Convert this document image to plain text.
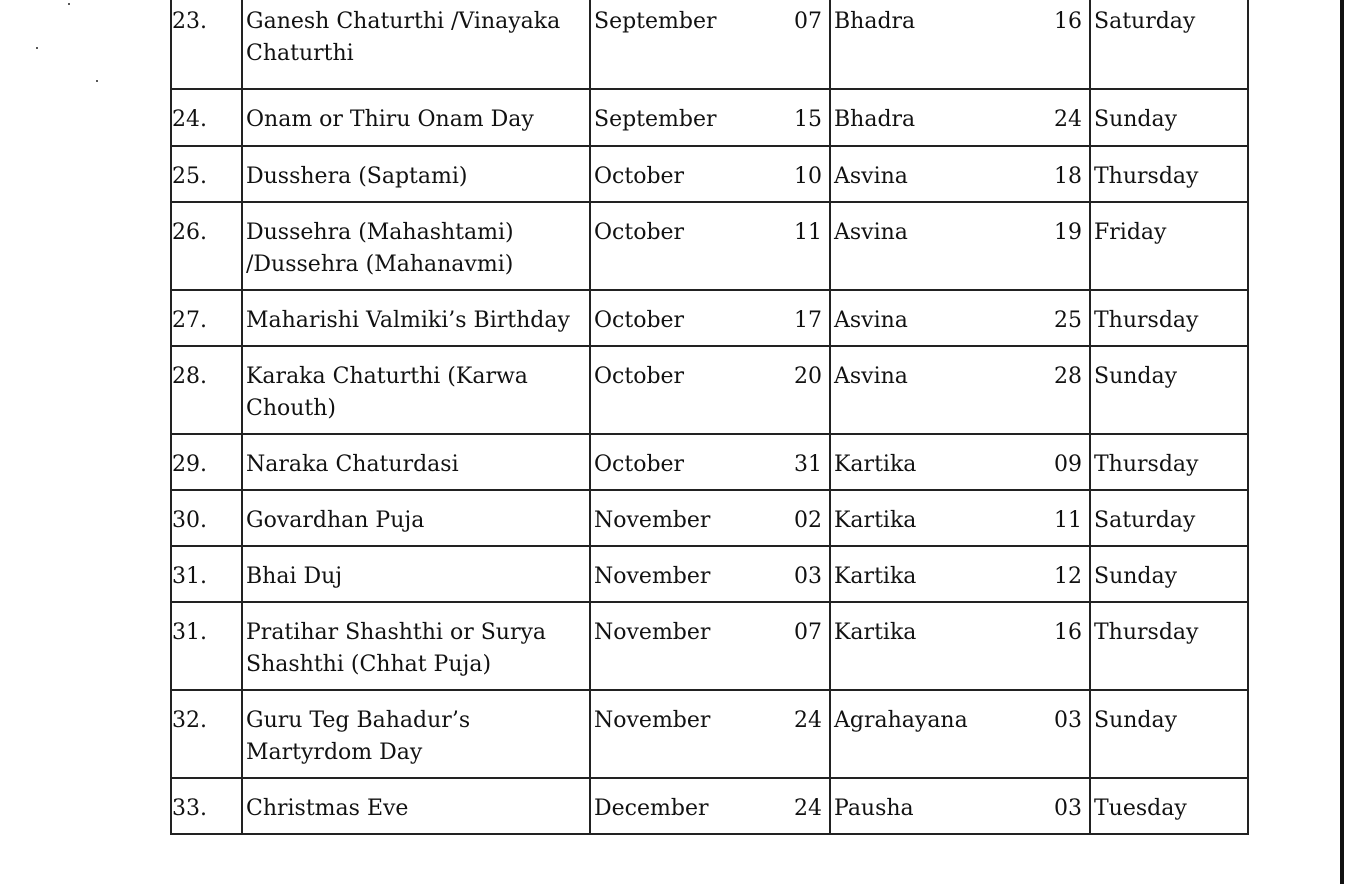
23.	Ganesh Chaturthi /Vinayaka Chaturthi	September 07	Bhadra 16	Saturday
24.	Onam or Thiru Onam Day	September 15	Bhadra 24	Sunday
25.	Dusshera (Saptami)	October 10	Asvina 18	Thursday
26.	Dussehra (Mahashtami) /Dussehra (Mahanavmi)	October 11	Asvina 19	Friday
27.	Maharishi Valmiki’s Birthday	October 17	Asvina 25	Thursday
28.	Karaka Chaturthi (Karwa Chouth)	October 20	Asvina 28	Sunday
29.	Naraka Chaturdasi	October 31	Kartika 09	Thursday
30.	Govardhan Puja	November 02	Kartika 11	Saturday
31.	Bhai Duj	November 03	Kartika 12	Sunday
31.	Pratihar Shashthi or Surya Shashthi (Chhat Puja)	November 07	Kartika 16	Thursday
32.	Guru Teg Bahadur’s Martyrdom Day	November 24	Agrahayana 03	Sunday
33.	Christmas Eve	December 24	Pausha 03	Tuesday
